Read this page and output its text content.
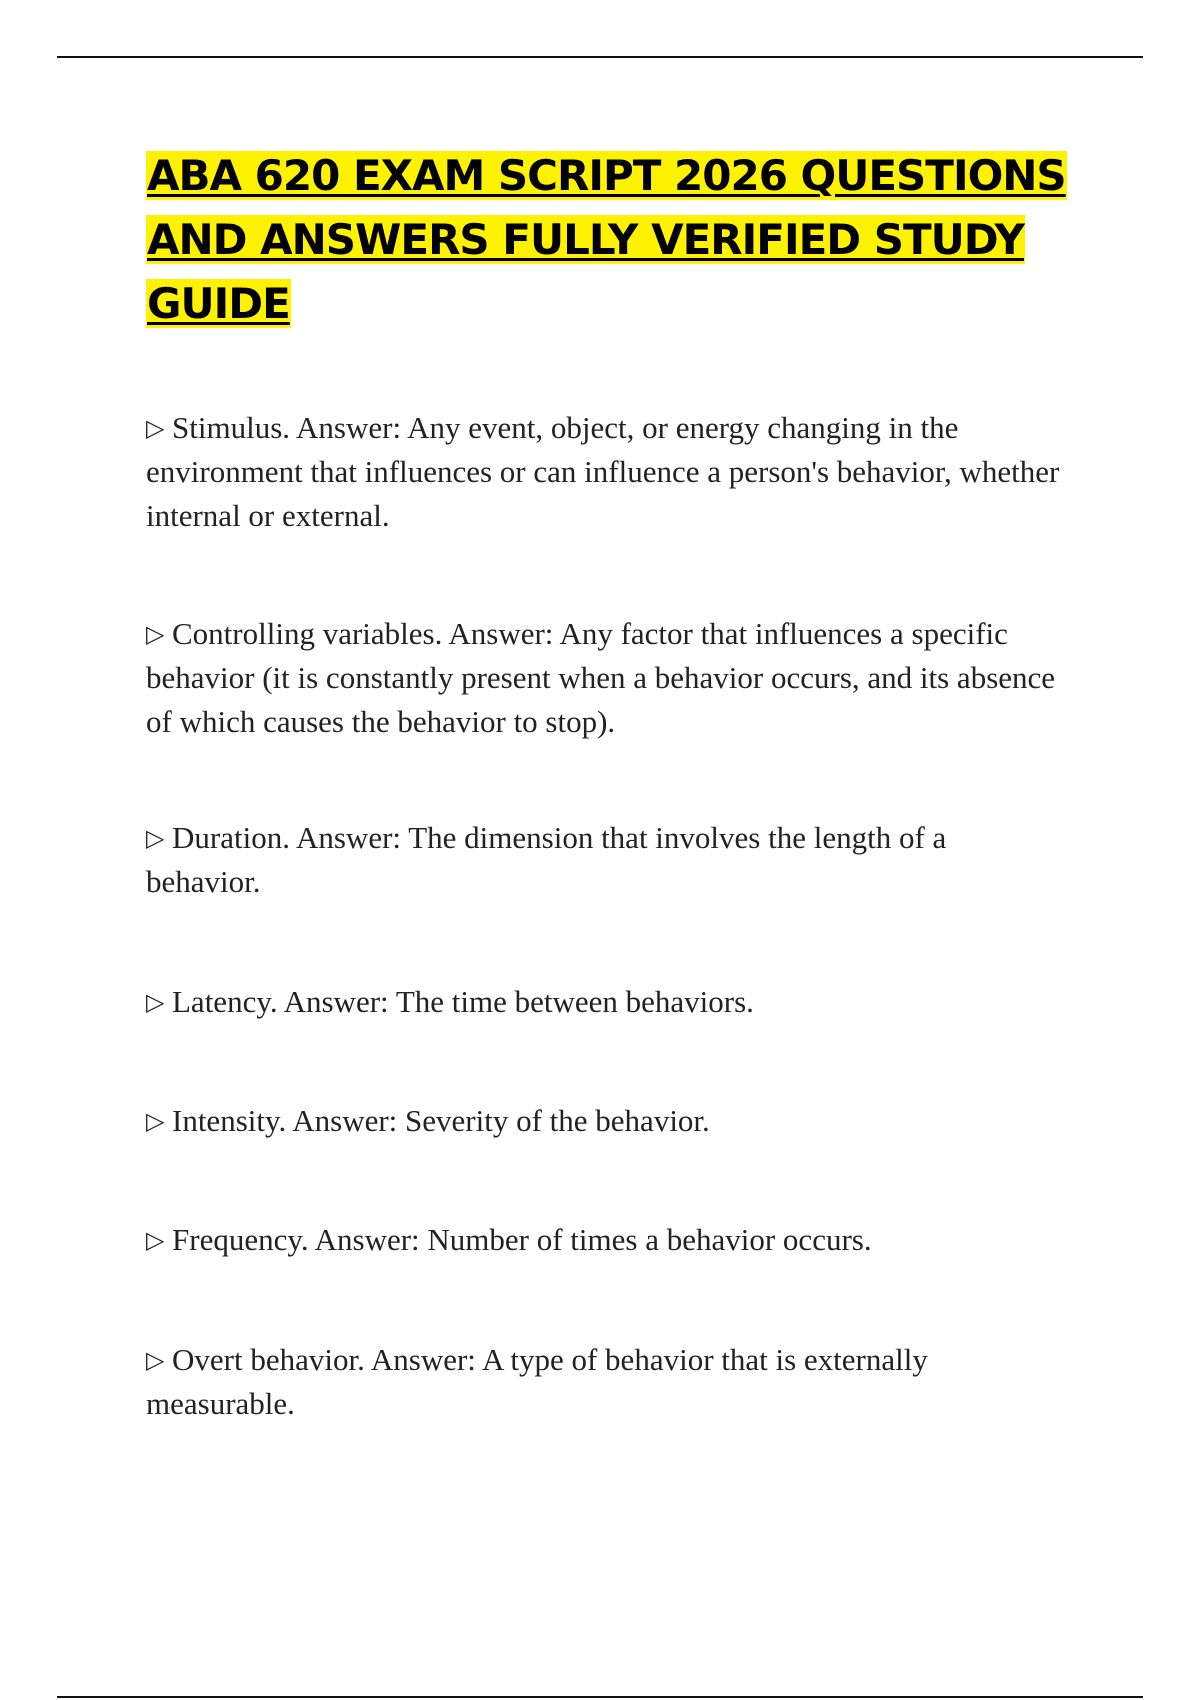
ABA 620 EXAM SCRIPT 2026 QUESTIONS AND ANSWERS FULLY VERIFIED STUDY GUIDE
▷ Stimulus. Answer: Any event, object, or energy changing in the environment that influences or can influence a person's behavior, whether internal or external.
▷ Controlling variables. Answer: Any factor that influences a specific behavior (it is constantly present when a behavior occurs, and its absence of which causes the behavior to stop).
▷ Duration. Answer: The dimension that involves the length of a behavior.
▷ Latency. Answer: The time between behaviors.
▷ Intensity. Answer: Severity of the behavior.
▷ Frequency. Answer: Number of times a behavior occurs.
▷ Overt behavior. Answer: A type of behavior that is externally measurable.
